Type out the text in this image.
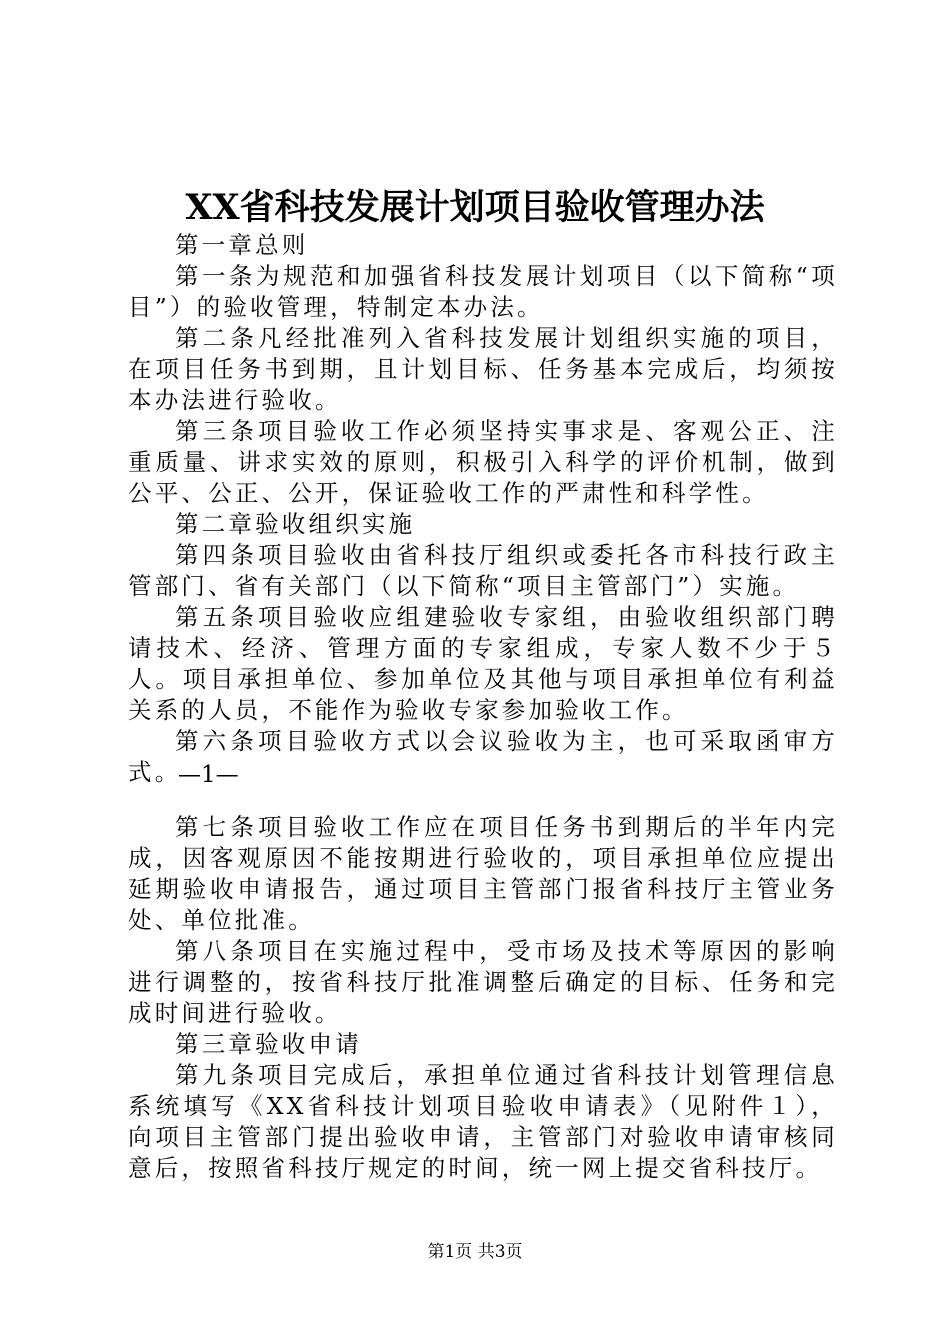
XX省科技发展计划项目验收管理办法

第一章总则

第一条为规范和加强省科技发展计划项目（以下简称“项目”）的验收管理，特制定本办法。

第二条凡经批准列入省科技发展计划组织实施的项目，在项目任务书到期，且计划目标、任务基本完成后，均须按本办法进行验收。

第三条项目验收工作必须坚持实事求是、客观公正、注重质量、讲求实效的原则，积极引入科学的评价机制，做到公平、公正、公开，保证验收工作的严肃性和科学性。

第二章验收组织实施

第四条项目验收由省科技厅组织或委托各市科技行政主管部门、省有关部门（以下简称“项目主管部门”）实施。

第五条项目验收应组建验收专家组，由验收组织部门聘请技术、经济、管理方面的专家组成，专家人数不少于５人。项目承担单位、参加单位及其他与项目承担单位有利益关系的人员，不能作为验收专家参加验收工作。

第六条项目验收方式以会议验收为主，也可采取函审方式。

—1—

第七条项目验收工作应在项目任务书到期后的半年内完成，因客观原因不能按期进行验收的，项目承担单位应提出延期验收申请报告，通过项目主管部门报省科技厅主管业务处、单位批准。

第八条项目在实施过程中，受市场及技术等原因的影响进行调整的，按省科技厅批准调整后确定的目标、任务和完成时间进行验收。

第三章验收申请

第九条项目完成后，承担单位通过省科技计划管理信息系统填写《XX省科技计划项目验收申请表》（见附件１），向项目主管部门提出验收申请，主管部门对验收申请审核同意后，按照省科技厅规定的时间，统一网上提交省科技厅。

第1页 共3页
